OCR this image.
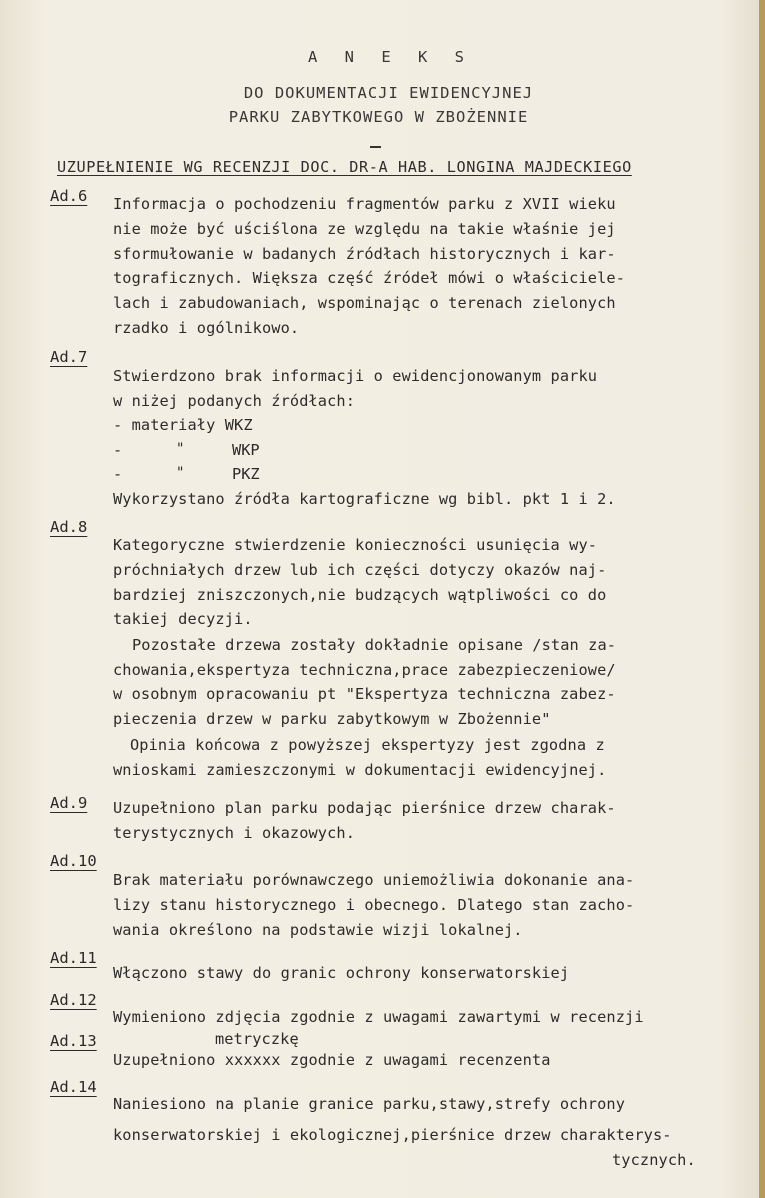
A N E K S
DO DOKUMENTACJI EWIDENCYJNEJ
PARKU ZABYTKOWEGO W ZBOŻENNIE
UZUPEŁNIENIE WG RECENZJI DOC. DR-A HAB. LONGINA MAJDECKIEGO
Ad.6 Informacja o pochodzeniu fragmentów parku z XVII wieku
nie może być uściślona ze względu na takie właśnie jej
sformułowanie w badanych źródłach historycznych i kar-
tograficznych. Większa część źródeł mówi o właściciele-
lach i zabudowaniach, wspominając o terenach zielonych
rzadko i ogólnikowo.
Ad.7
Stwierdzono brak informacji o ewidencjonowanym parku
w niżej podanych źródłach:
- materiały WKZ
-	"	WKP
-	"	PKZ
Wykorzystano źródła kartograficzne wg bibl. pkt 1 i 2.
Ad.8
Kategoryczne stwierdzenie konieczności usunięcia wy-
próchniałych drzew lub ich części dotyczy okazów naj-
bardziej zniszczonych,nie budzących wątpliwości co do
takiej decyzji.
Pozostałe drzewa zostały dokładnie opisane /stan za-
chowania,ekspertyza techniczna,prace zabezpieczeniowe/
w osobnym opracowaniu pt "Ekspertyza techniczna zabez-
pieczenia drzew w parku zabytkowym w Zbożennie"
Opinia końcowa z powyższej ekspertyzy jest zgodna z
wnioskami zamieszczonymi w dokumentacji ewidencyjnej.
Ad.9 Uzupełniono plan parku podając pierśnice drzew charak-
terystycznych i okazowych.
Ad.10
Brak materiału porównawczego uniemożliwia dokonanie ana-
lizy stanu historycznego i obecnego. Dlatego stan zacho-
wania określono na podstawie wizji lokalnej.
Ad.11
Włączono stawy do granic ochrony konserwatorskiej
Ad.12
Wymieniono zdjęcia zgodnie z uwagami zawartymi w recenzji
Ad.13	metryczkę
Uzupełniono xxxxxx zgodnie z uwagami recenzenta
Ad.14
Naniesiono na planie granice parku,stawy,strefy ochrony
konserwatorskiej i ekologicznej,pierśnice drzew charakterys-
tycznych.
